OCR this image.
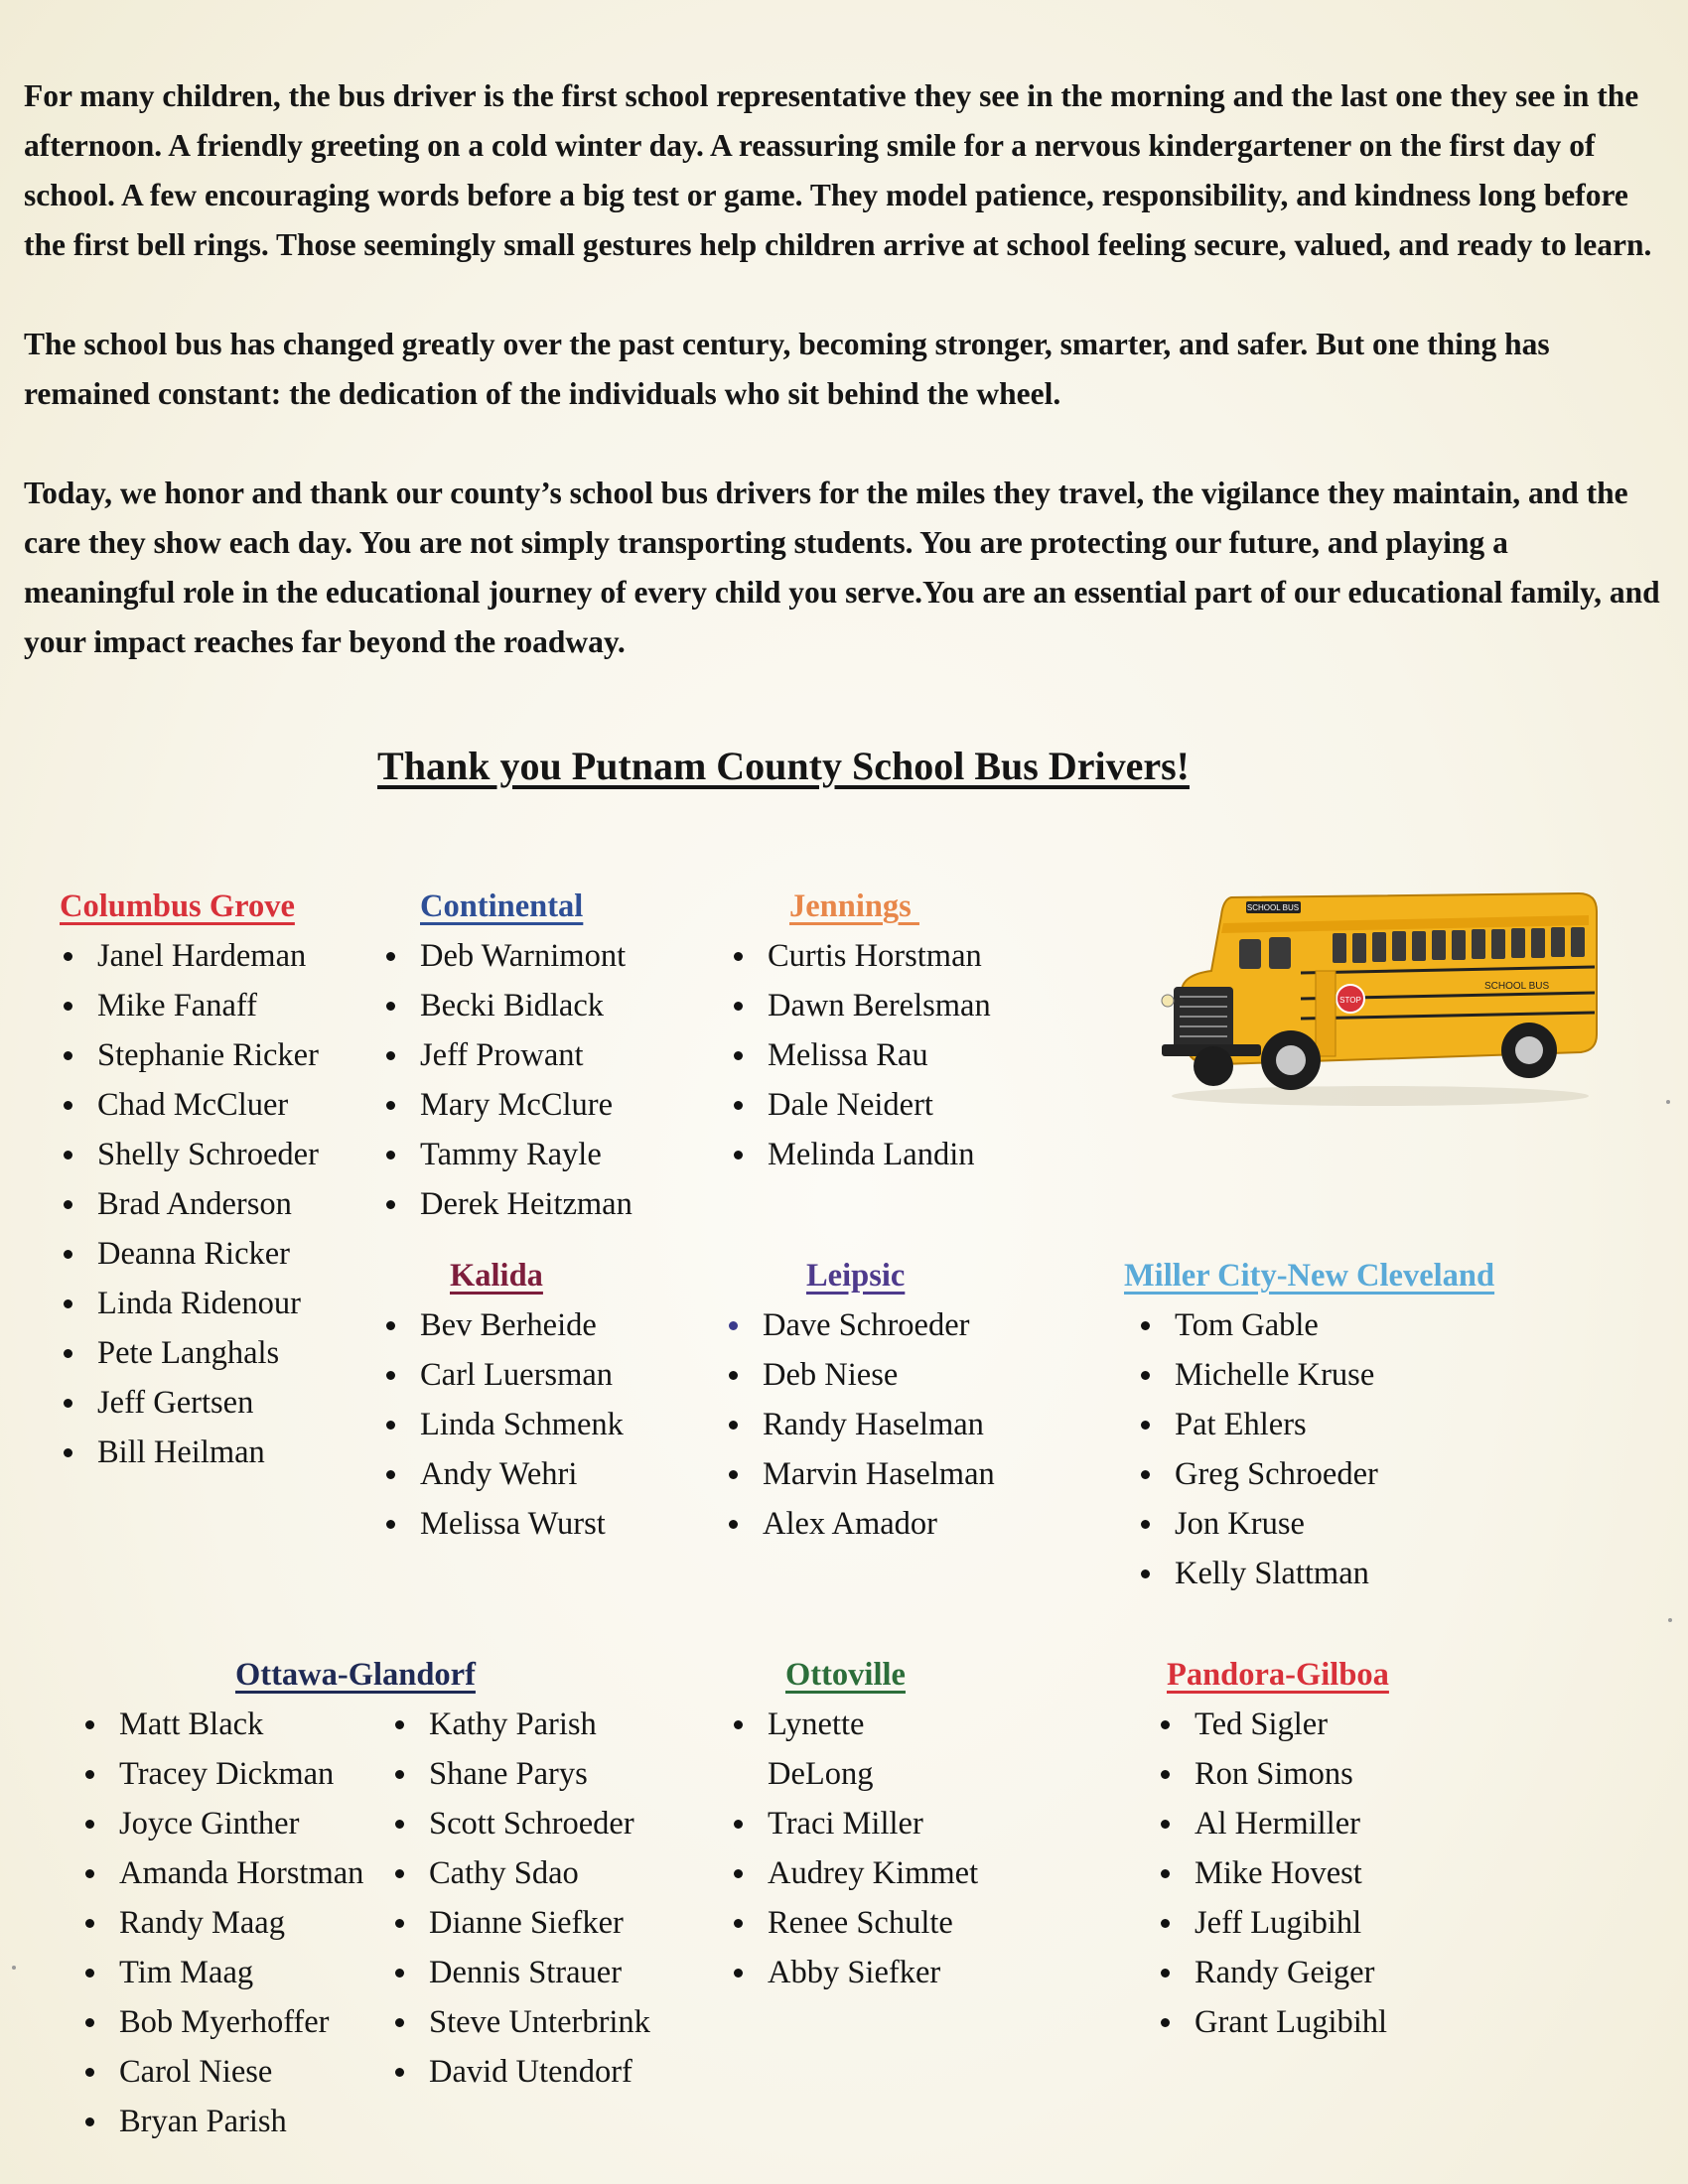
For many children, the bus driver is the first school representative they see in the morning and the last one they see in the afternoon. A friendly greeting on a cold winter day. A reassuring smile for a nervous kindergartener on the first day of school. A few encouraging words before a big test or game. They model patience, responsibility, and kindness long before the first bell rings. Those seemingly small gestures help children arrive at school feeling secure, valued, and ready to learn.

The school bus has changed greatly over the past century, becoming stronger, smarter, and safer. But one thing has remained constant: the dedication of the individuals who sit behind the wheel.

Today, we honor and thank our county’s school bus drivers for the miles they travel, the vigilance they maintain, and the care they show each day. You are not simply transporting students. You are protecting our future, and playing a meaningful role in the educational journey of every child you serve.You are an essential part of our educational family, and your impact reaches far beyond the roadway.

Thank you Putnam County School Bus Drivers!
Columbus Grove
Janel Hardeman
Mike Fanaff
Stephanie Ricker
Chad McCluer
Shelly Schroeder
Brad Anderson
Deanna Ricker
Linda Ridenour
Pete Langhals
Jeff Gertsen
Bill Heilman
Continental
Deb Warnimont
Becki Bidlack
Jeff Prowant
Mary McClure
Tammy Rayle
Derek Heitzman
Jennings
Curtis Horstman
Dawn Berelsman
Melissa Rau
Dale Neidert
Melinda Landin
SCHOOL BUS
SCHOOL BUS
STOP
Kalida
Bev Berheide
Carl Luersman
Linda Schmenk
Andy Wehri
Melissa Wurst
Leipsic
Dave Schroeder
Deb Niese
Randy Haselman
Marvin Haselman
Alex Amador
Miller City-New Cleveland
Tom Gable
Michelle Kruse
Pat Ehlers
Greg Schroeder
Jon Kruse
Kelly Slattman
Ottawa-Glandorf
Matt Black
Tracey Dickman
Joyce Ginther
Amanda Horstman
Randy Maag
Tim Maag
Bob Myerhoffer
Carol Niese
Bryan Parish
Kathy Parish
Shane Parys
Scott Schroeder
Cathy Sdao
Dianne Siefker
Dennis Strauer
Steve Unterbrink
David Utendorf
Ottoville
Lynette DeLong
Traci Miller
Audrey Kimmet
Renee Schulte
Abby Siefker
Pandora-Gilboa
Ted Sigler
Ron Simons
Al Hermiller
Mike Hovest
Jeff Lugibihl
Randy Geiger
Grant Lugibihl
